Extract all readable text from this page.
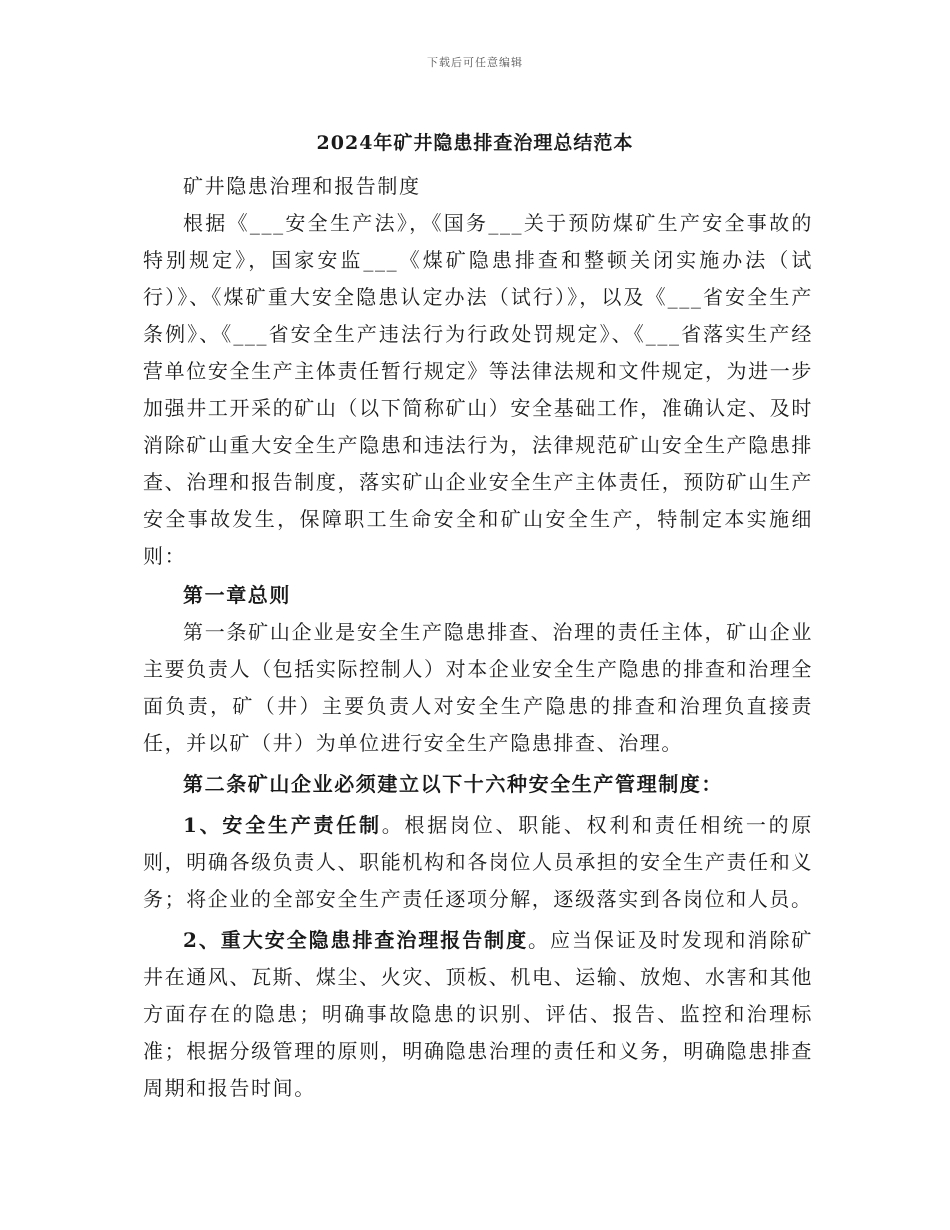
下载后可任意编辑
2024年矿井隐患排查治理总结范本

矿井隐患治理和报告制度

根据《___安全生产法》，《国务___关于预防煤矿生产安全事故的特别规定》，国家安监___《煤矿隐患排查和整顿关闭实施办法（试行）》、《煤矿重大安全隐患认定办法（试行）》，以及《___省安全生产条例》、《___省安全生产违法行为行政处罚规定》、《___省落实生产经营单位安全生产主体责任暂行规定》等法律法规和文件规定，为进一步加强井工开采的矿山（以下简称矿山）安全基础工作，准确认定、及时消除矿山重大安全生产隐患和违法行为，法律规范矿山安全生产隐患排查、治理和报告制度，落实矿山企业安全生产主体责任，预防矿山生产安全事故发生，保障职工生命安全和矿山安全生产，特制定本实施细则：

第一章总则

第一条矿山企业是安全生产隐患排查、治理的责任主体，矿山企业主要负责人（包括实际控制人）对本企业安全生产隐患的排查和治理全面负责，矿（井）主要负责人对安全生产隐患的排查和治理负直接责任，并以矿（井）为单位进行安全生产隐患排查、治理。

第二条矿山企业必须建立以下十六种安全生产管理制度：

1、安全生产责任制。根据岗位、职能、权利和责任相统一的原则，明确各级负责人、职能机构和各岗位人员承担的安全生产责任和义务；将企业的全部安全生产责任逐项分解，逐级落实到各岗位和人员。

2、重大安全隐患排查治理报告制度。应当保证及时发现和消除矿井在通风、瓦斯、煤尘、火灾、顶板、机电、运输、放炮、水害和其他方面存在的隐患；明确事故隐患的识别、评估、报告、监控和治理标准；根据分级管理的原则，明确隐患治理的责任和义务，明确隐患排查周期和报告时间。
